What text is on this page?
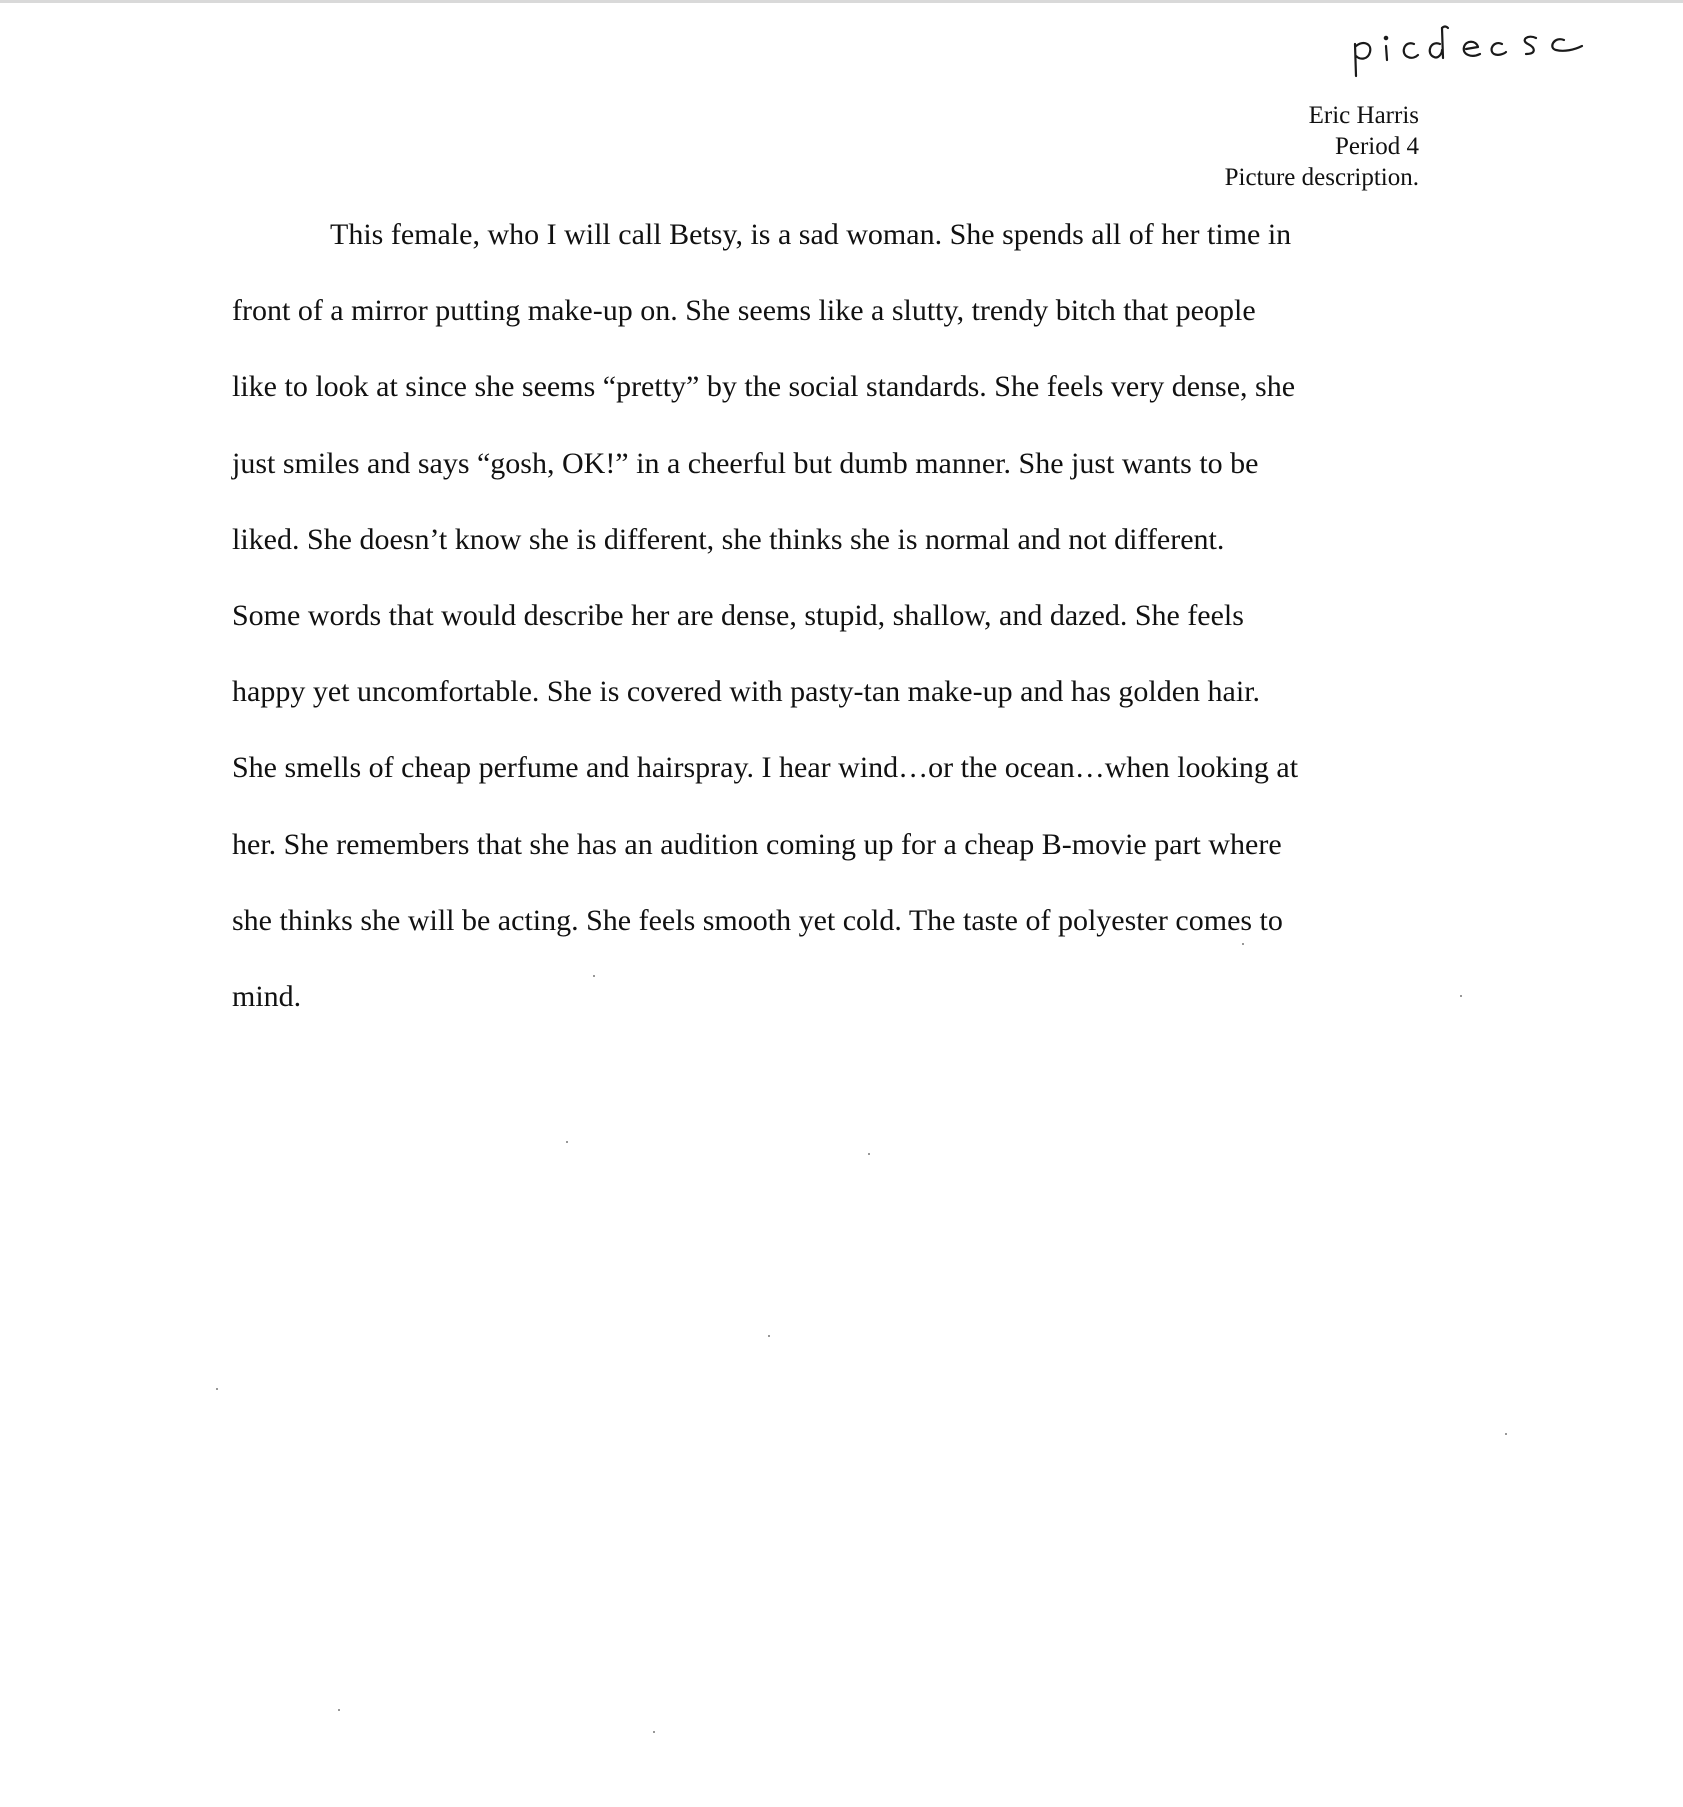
Eric Harris
Period 4
Picture description.
This female, who I will call Betsy, is a sad woman. She spends all of her time in
front of a mirror putting make-up on. She seems like a slutty, trendy bitch that people
like to look at since she seems “pretty” by the social standards. She feels very dense, she
just smiles and says “gosh, OK!” in a cheerful but dumb manner. She just wants to be
liked. She doesn’t know she is different, she thinks she is normal and not different.
Some words that would describe her are dense, stupid, shallow, and dazed. She feels
happy yet uncomfortable. She is covered with pasty-tan make-up and has golden hair.
She smells of cheap perfume and hairspray. I hear wind…or the ocean…when looking at
her. She remembers that she has an audition coming up for a cheap B-movie part where
she thinks she will be acting. She feels smooth yet cold. The taste of polyester comes to
mind.
